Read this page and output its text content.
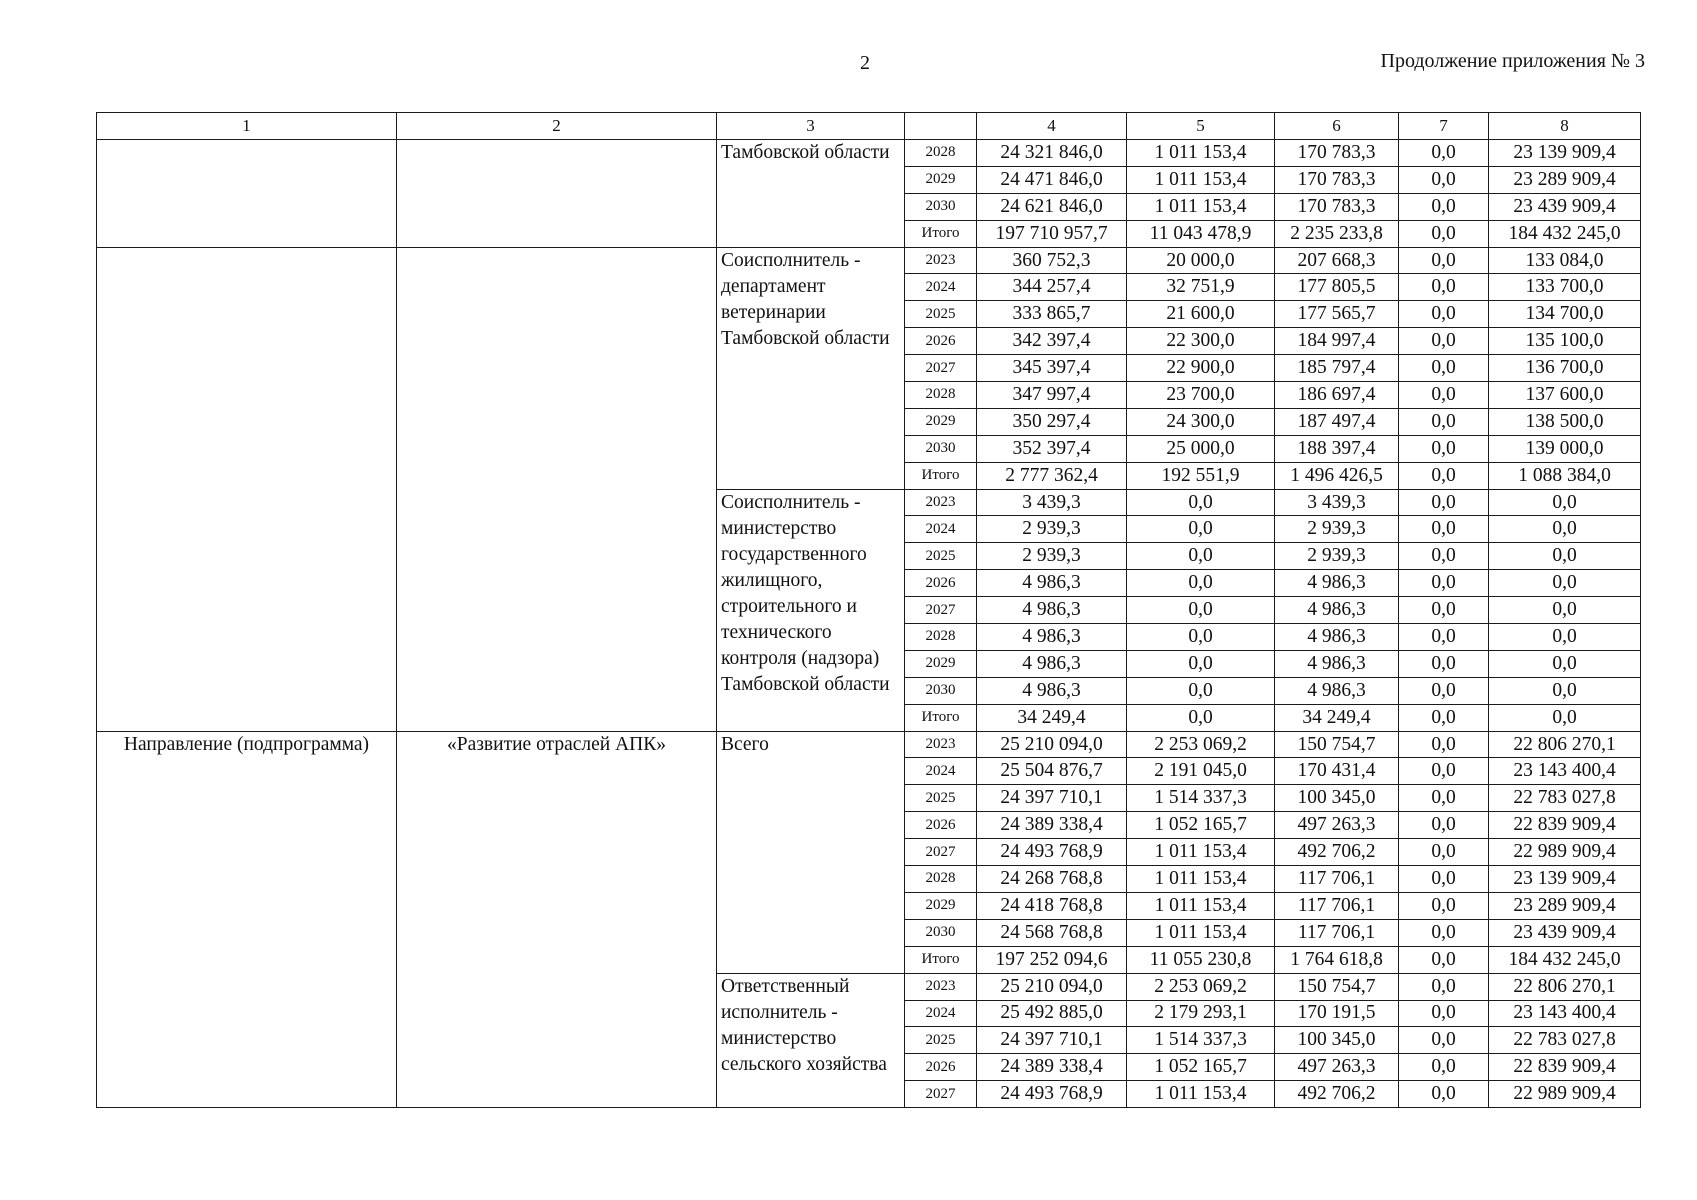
2	Продолжение приложения № 3
1	2	3		4	5	6	7	8
		Тамбовской области	2028	24 321 846,0	1 011 153,4	170 783,3	0,0	23 139 909,4
			2029	24 471 846,0	1 011 153,4	170 783,3	0,0	23 289 909,4
			2030	24 621 846,0	1 011 153,4	170 783,3	0,0	23 439 909,4
			Итого	197 710 957,7	11 043 478,9	2 235 233,8	0,0	184 432 245,0
		Соисполнитель - департамент ветеринарии Тамбовской области	2023	360 752,3	20 000,0	207 668,3	0,0	133 084,0
			2024	344 257,4	32 751,9	177 805,5	0,0	133 700,0
			2025	333 865,7	21 600,0	177 565,7	0,0	134 700,0
			2026	342 397,4	22 300,0	184 997,4	0,0	135 100,0
			2027	345 397,4	22 900,0	185 797,4	0,0	136 700,0
			2028	347 997,4	23 700,0	186 697,4	0,0	137 600,0
			2029	350 297,4	24 300,0	187 497,4	0,0	138 500,0
			2030	352 397,4	25 000,0	188 397,4	0,0	139 000,0
			Итого	2 777 362,4	192 551,9	1 496 426,5	0,0	1 088 384,0
		Соисполнитель - министерство государственного жилищного, строительного и технического контроля (надзора) Тамбовской области	2023	3 439,3	0,0	3 439,3	0,0	0,0
			2024	2 939,3	0,0	2 939,3	0,0	0,0
			2025	2 939,3	0,0	2 939,3	0,0	0,0
			2026	4 986,3	0,0	4 986,3	0,0	0,0
			2027	4 986,3	0,0	4 986,3	0,0	0,0
			2028	4 986,3	0,0	4 986,3	0,0	0,0
			2029	4 986,3	0,0	4 986,3	0,0	0,0
			2030	4 986,3	0,0	4 986,3	0,0	0,0
			Итого	34 249,4	0,0	34 249,4	0,0	0,0
Направление (подпрограмма)	«Развитие отраслей АПК»	Всего	2023	25 210 094,0	2 253 069,2	150 754,7	0,0	22 806 270,1
			2024	25 504 876,7	2 191 045,0	170 431,4	0,0	23 143 400,4
			2025	24 397 710,1	1 514 337,3	100 345,0	0,0	22 783 027,8
			2026	24 389 338,4	1 052 165,7	497 263,3	0,0	22 839 909,4
			2027	24 493 768,9	1 011 153,4	492 706,2	0,0	22 989 909,4
			2028	24 268 768,8	1 011 153,4	117 706,1	0,0	23 139 909,4
			2029	24 418 768,8	1 011 153,4	117 706,1	0,0	23 289 909,4
			2030	24 568 768,8	1 011 153,4	117 706,1	0,0	23 439 909,4
			Итого	197 252 094,6	11 055 230,8	1 764 618,8	0,0	184 432 245,0
		Ответственный исполнитель - министерство сельского хозяйства	2023	25 210 094,0	2 253 069,2	150 754,7	0,0	22 806 270,1
			2024	25 492 885,0	2 179 293,1	170 191,5	0,0	23 143 400,4
			2025	24 397 710,1	1 514 337,3	100 345,0	0,0	22 783 027,8
			2026	24 389 338,4	1 052 165,7	497 263,3	0,0	22 839 909,4
			2027	24 493 768,9	1 011 153,4	492 706,2	0,0	22 989 909,4
